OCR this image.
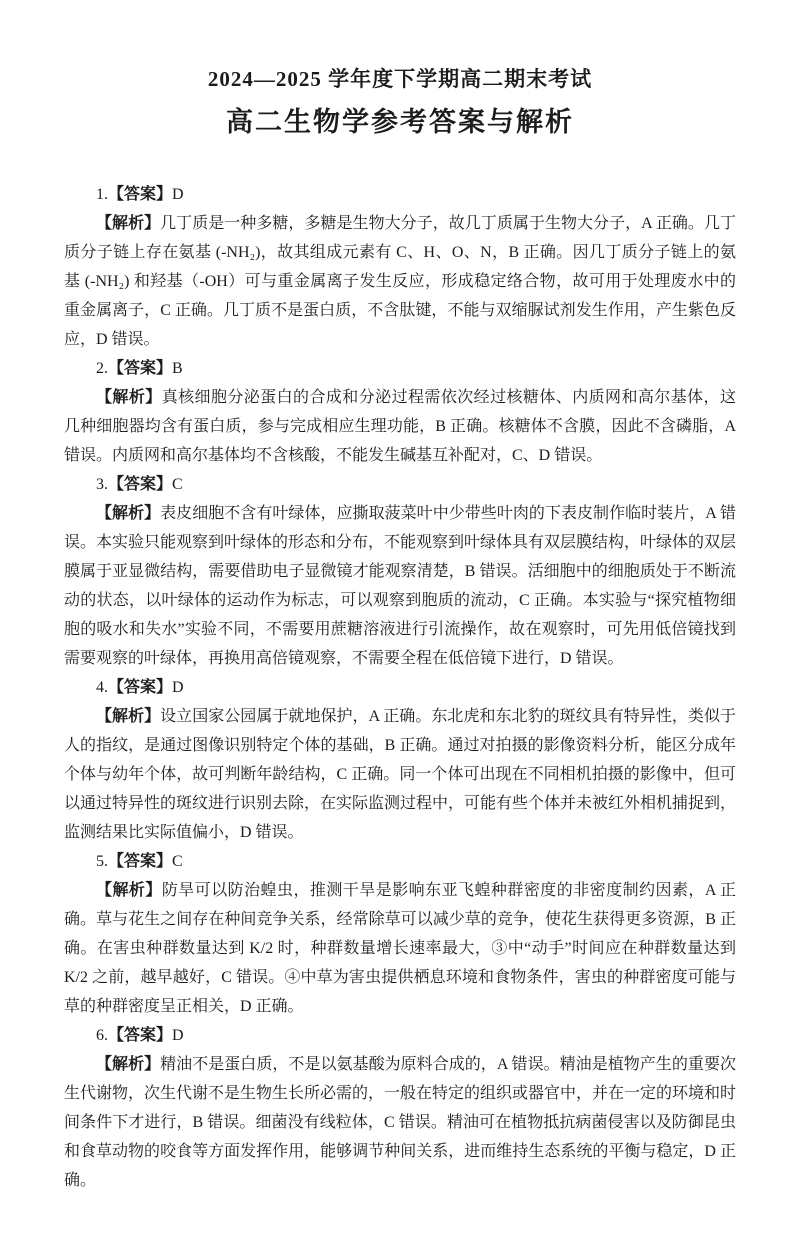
2024—2025 学年度下学期高二期末考试
高二生物学参考答案与解析

1.【答案】D

【解析】几丁质是一种多糖，多糖是生物大分子，故几丁质属于生物大分子，A 正确。几丁质分子链上存在氨基 (-NH₂)，故其组成元素有 C、H、O、N，B 正确。因几丁质分子链上的氨基 (-NH₂) 和羟基（-OH）可与重金属离子发生反应，形成稳定络合物，故可用于处理废水中的重金属离子，C 正确。几丁质不是蛋白质，不含肽键，不能与双缩脲试剂发生作用，产生紫色反应，D 错误。

2.【答案】B

【解析】真核细胞分泌蛋白的合成和分泌过程需依次经过核糖体、内质网和高尔基体，这几种细胞器均含有蛋白质，参与完成相应生理功能，B 正确。核糖体不含膜，因此不含磷脂，A 错误。内质网和高尔基体均不含核酸，不能发生碱基互补配对，C、D 错误。

3.【答案】C

【解析】表皮细胞不含有叶绿体，应撕取菠菜叶中少带些叶肉的下表皮制作临时装片，A 错误。本实验只能观察到叶绿体的形态和分布，不能观察到叶绿体具有双层膜结构，叶绿体的双层膜属于亚显微结构，需要借助电子显微镜才能观察清楚，B 错误。活细胞中的细胞质处于不断流动的状态，以叶绿体的运动作为标志，可以观察到胞质的流动，C 正确。本实验与“探究植物细胞的吸水和失水”实验不同，不需要用蔗糖溶液进行引流操作，故在观察时，可先用低倍镜找到需要观察的叶绿体，再换用高倍镜观察，不需要全程在低倍镜下进行，D 错误。

4.【答案】D

【解析】设立国家公园属于就地保护，A 正确。东北虎和东北豹的斑纹具有特异性，类似于人的指纹，是通过图像识别特定个体的基础，B 正确。通过对拍摄的影像资料分析，能区分成年个体与幼年个体，故可判断年龄结构，C 正确。同一个体可出现在不同相机拍摄的影像中，但可以通过特异性的斑纹进行识别去除，在实际监测过程中，可能有些个体并未被红外相机捕捉到，监测结果比实际值偏小，D 错误。

5.【答案】C

【解析】防旱可以防治蝗虫，推测干旱是影响东亚飞蝗种群密度的非密度制约因素，A 正确。草与花生之间存在种间竞争关系，经常除草可以减少草的竞争，使花生获得更多资源，B 正确。在害虫种群数量达到 K/2 时，种群数量增长速率最大，③中“动手”时间应在种群数量达到 K/2 之前，越早越好，C 错误。④中草为害虫提供栖息环境和食物条件，害虫的种群密度可能与草的种群密度呈正相关，D 正确。

6.【答案】D

【解析】精油不是蛋白质，不是以氨基酸为原料合成的，A 错误。精油是植物产生的重要次生代谢物，次生代谢不是生物生长所必需的，一般在特定的组织或器官中，并在一定的环境和时间条件下才进行，B 错误。细菌没有线粒体，C 错误。精油可在植物抵抗病菌侵害以及防御昆虫和食草动物的咬食等方面发挥作用，能够调节种间关系，进而维持生态系统的平衡与稳定，D 正确。
